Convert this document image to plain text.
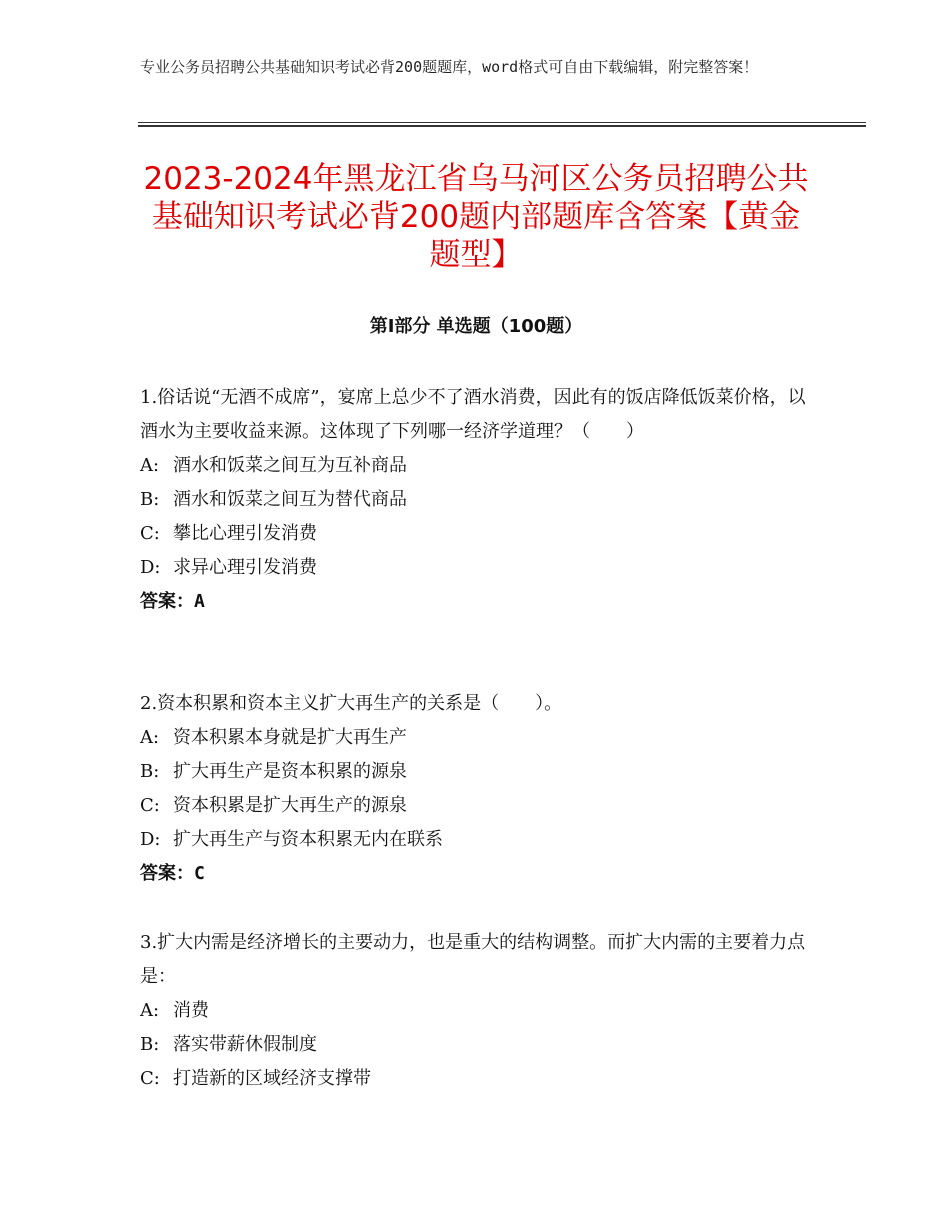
专业公务员招聘公共基础知识考试必背200题题库，word格式可自由下载编辑，附完整答案！
2023-2024年黑龙江省乌马河区公务员招聘公共基础知识考试必背200题内部题库含答案【黄金题型】
第Ⅰ部分 单选题（100题）

1.俗话说“无酒不成席”，宴席上总少不了酒水消费，因此有的饭店降低饭菜价格，以酒水为主要收益来源。这体现了下列哪一经济学道理？（　　）

A: 酒水和饭菜之间互为互补商品

B: 酒水和饭菜之间互为替代商品

C: 攀比心理引发消费

D: 求异心理引发消费

答案：A

2.资本积累和资本主义扩大再生产的关系是（　　）。

A: 资本积累本身就是扩大再生产

B: 扩大再生产是资本积累的源泉

C: 资本积累是扩大再生产的源泉

D: 扩大再生产与资本积累无内在联系

答案：C

3.扩大内需是经济增长的主要动力，也是重大的结构调整。而扩大内需的主要着力点是：

A: 消费

B: 落实带薪休假制度

C: 打造新的区域经济支撑带
